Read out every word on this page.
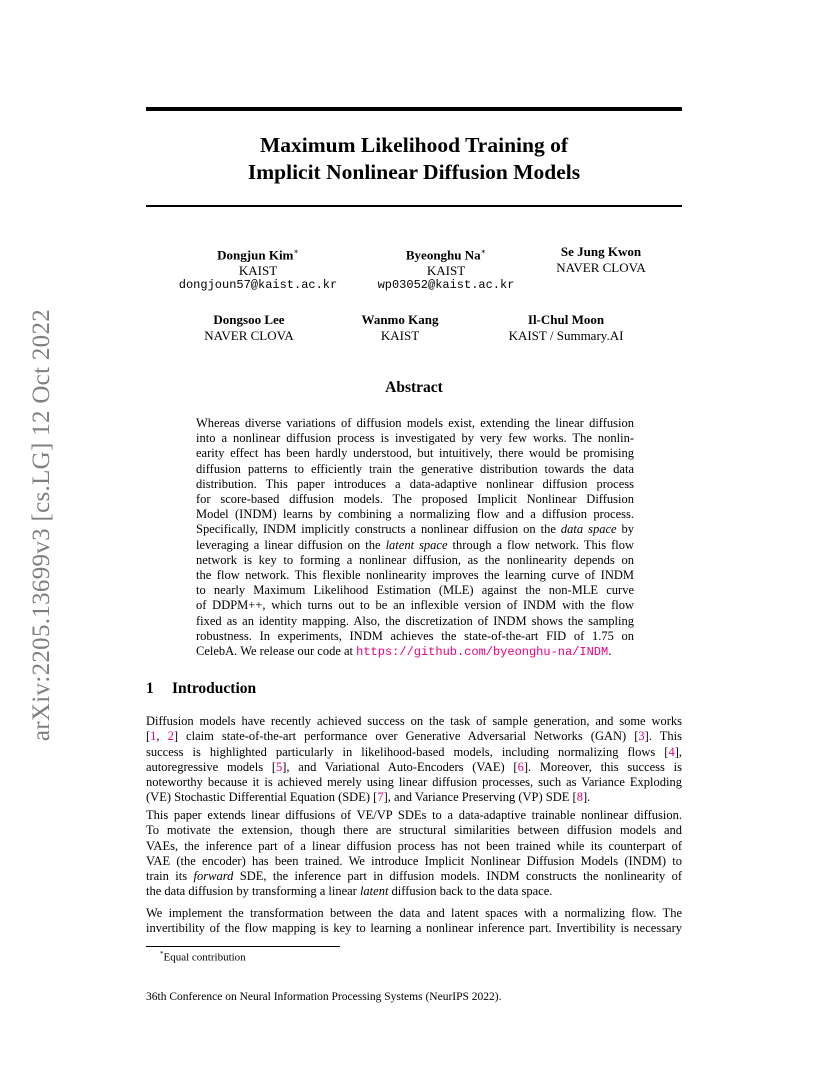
arXiv:2205.13699v3 [cs.LG] 12 Oct 2022
Maximum Likelihood Training of
Implicit Nonlinear Diffusion Models
Dongjun Kim∗
KAIST
dongjoun57@kaist.ac.kr
Byeonghu Na∗
KAIST
wp03052@kaist.ac.kr
Se Jung Kwon
NAVER CLOVA
Dongsoo Lee
NAVER CLOVA
Wanmo Kang
KAIST
Il-Chul Moon
KAIST / Summary.AI
Abstract
Whereas diverse variations of diffusion models exist, extending the linear diffusion
into a nonlinear diffusion process is investigated by very few works. The nonlin-
earity effect has been hardly understood, but intuitively, there would be promising
diffusion patterns to efficiently train the generative distribution towards the data
distribution. This paper introduces a data-adaptive nonlinear diffusion process
for score-based diffusion models. The proposed Implicit Nonlinear Diffusion
Model (INDM) learns by combining a normalizing flow and a diffusion process.
Specifically, INDM implicitly constructs a nonlinear diffusion on the data space by
leveraging a linear diffusion on the latent space through a flow network. This flow
network is key to forming a nonlinear diffusion, as the nonlinearity depends on
the flow network. This flexible nonlinearity improves the learning curve of INDM
to nearly Maximum Likelihood Estimation (MLE) against the non-MLE curve
of DDPM++, which turns out to be an inflexible version of INDM with the flow
fixed as an identity mapping. Also, the discretization of INDM shows the sampling
robustness. In experiments, INDM achieves the state-of-the-art FID of 1.75 on
CelebA. We release our code at https://github.com/byeonghu-na/INDM.
1 Introduction
Diffusion models have recently achieved success on the task of sample generation, and some works
[1, 2] claim state-of-the-art performance over Generative Adversarial Networks (GAN) [3]. This
success is highlighted particularly in likelihood-based models, including normalizing flows [4],
autoregressive models [5], and Variational Auto-Encoders (VAE) [6]. Moreover, this success is
noteworthy because it is achieved merely using linear diffusion processes, such as Variance Exploding
(VE) Stochastic Differential Equation (SDE) [7], and Variance Preserving (VP) SDE [8].
This paper extends linear diffusions of VE/VP SDEs to a data-adaptive trainable nonlinear diffusion.
To motivate the extension, though there are structural similarities between diffusion models and
VAEs, the inference part of a linear diffusion process has not been trained while its counterpart of
VAE (the encoder) has been trained. We introduce Implicit Nonlinear Diffusion Models (INDM) to
train its forward SDE, the inference part in diffusion models. INDM constructs the nonlinearity of
the data diffusion by transforming a linear latent diffusion back to the data space.
We implement the transformation between the data and latent spaces with a normalizing flow. The
invertibility of the flow mapping is key to learning a nonlinear inference part. Invertibility is necessary
*Equal contribution
36th Conference on Neural Information Processing Systems (NeurIPS 2022).
